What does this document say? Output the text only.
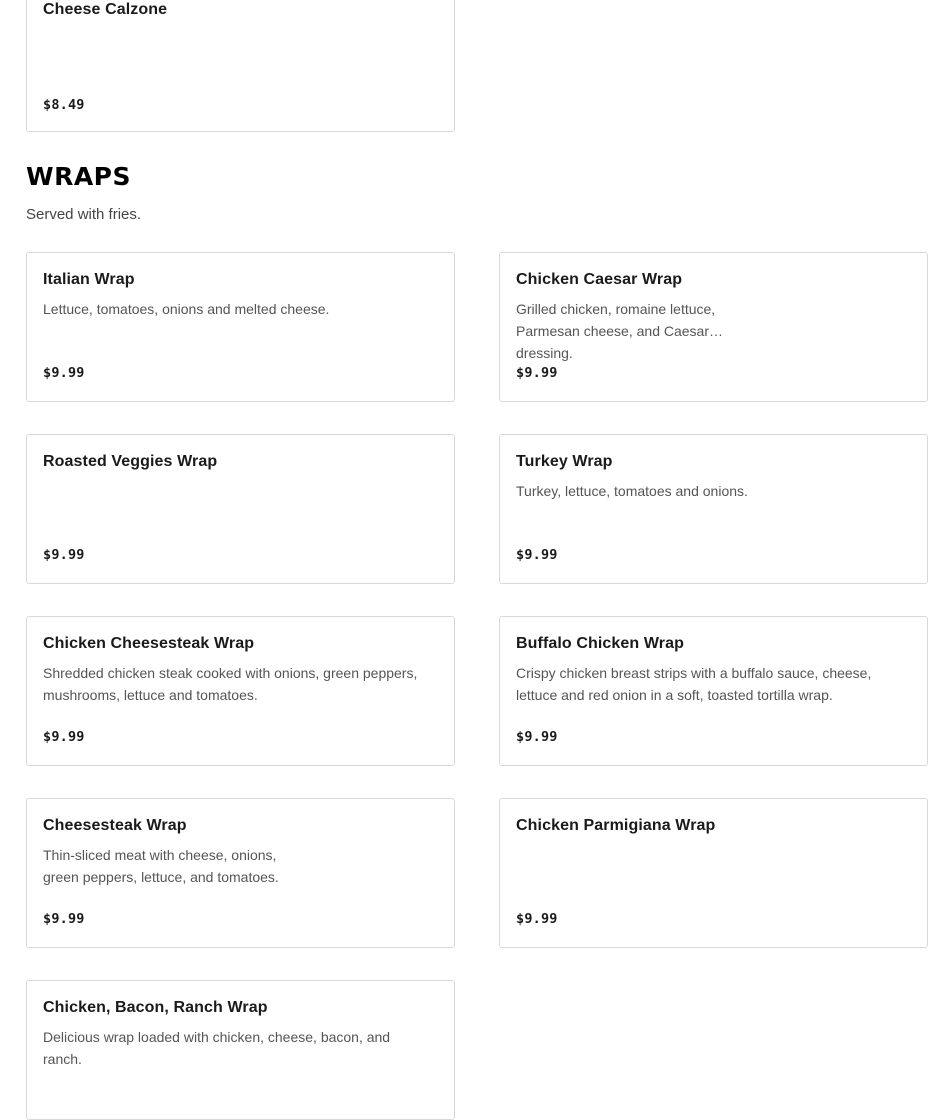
Cheese Calzone
$8.49
WRAPS

Served with fries.

Italian Wrap
Lettuce, tomatoes, onions and melted cheese.
$9.99
Chicken Caesar Wrap
Grilled chicken, romaine lettuce, Parmesan cheese, and Caesar dressing.
$9.99
Roasted Veggies Wrap
$9.99
Turkey Wrap
Turkey, lettuce, tomatoes and onions.
$9.99
Chicken Cheesesteak Wrap
Shredded chicken steak cooked with onions, green peppers, mushrooms, lettuce and tomatoes.
$9.99
Buffalo Chicken Wrap
Crispy chicken breast strips with a buffalo sauce, cheese, lettuce and red onion in a soft, toasted tortilla wrap.
$9.99
Cheesesteak Wrap
Thin-sliced meat with cheese, onions, green peppers, lettuce, and tomatoes.
$9.99
Chicken Parmigiana Wrap
$9.99
Chicken, Bacon, Ranch Wrap
Delicious wrap loaded with chicken, cheese, bacon, and ranch.
